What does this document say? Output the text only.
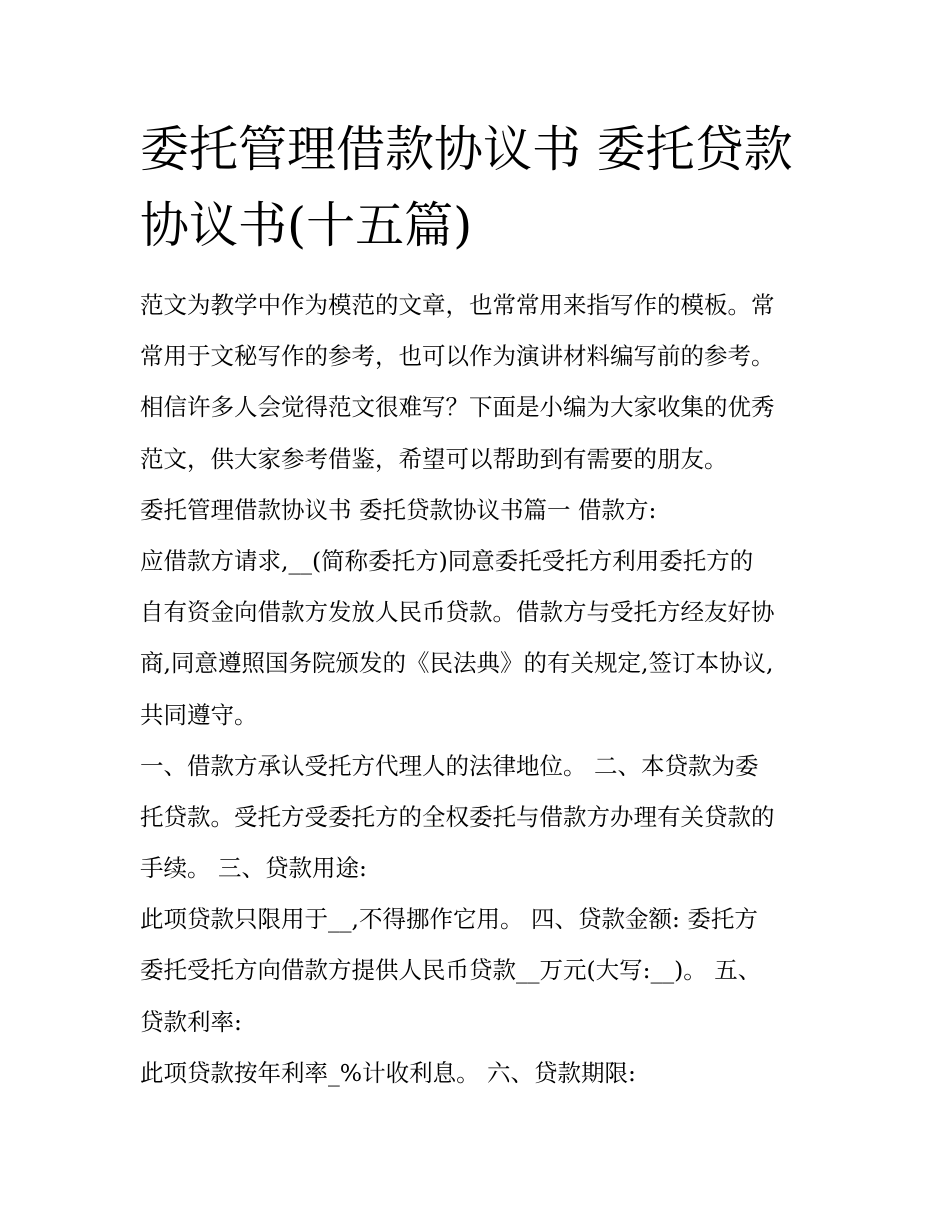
委托管理借款协议书 委托贷款
协议书(十五篇)
范文为教学中作为模范的文章，也常常用来指写作的模板。常
常用于文秘写作的参考，也可以作为演讲材料编写前的参考。
相信许多人会觉得范文很难写？下面是小编为大家收集的优秀
范文，供大家参考借鉴，希望可以帮助到有需要的朋友。
委托管理借款协议书 委托贷款协议书篇一 借款方:
应借款方请求,__(简称委托方)同意委托受托方利用委托方的
自有资金向借款方发放人民币贷款。借款方与受托方经友好协
商,同意遵照国务院颁发的《民法典》的有关规定,签订本协议,
共同遵守。
一、借款方承认受托方代理人的法律地位。 二、本贷款为委
托贷款。受托方受委托方的全权委托与借款方办理有关贷款的
手续。 三、贷款用途:
此项贷款只限用于__,不得挪作它用。 四、贷款金额: 委托方
委托受托方向借款方提供人民币贷款__万元(大写:__)。 五、
贷款利率:
此项贷款按年利率_%计收利息。 六、贷款期限:
